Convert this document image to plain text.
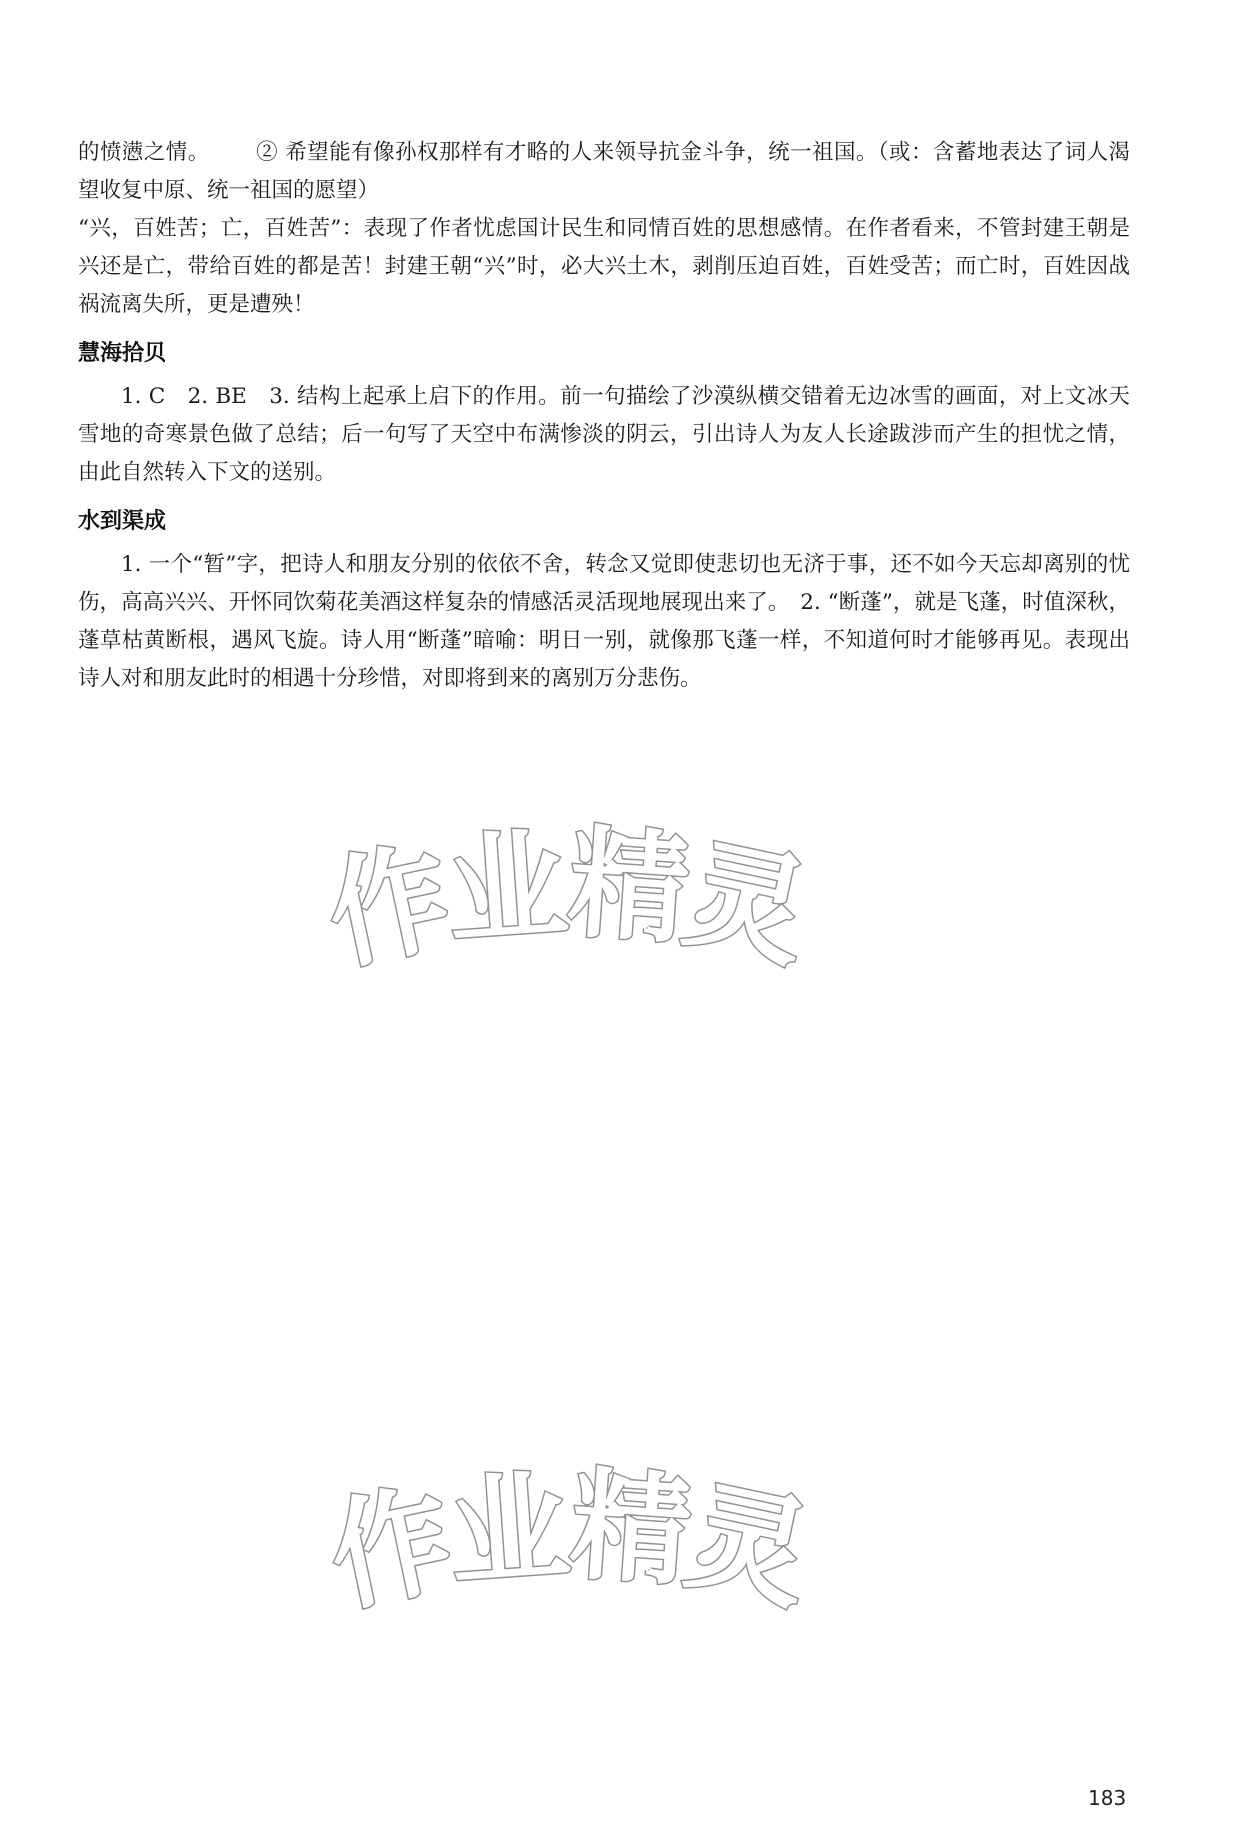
的愤懑之情。 ② 希望能有像孙权那样有才略的人来领导抗金斗争，统一祖国。（或：含蓄地表达了词人渴望收复中原、统一祖国的愿望）

“兴，百姓苦；亡，百姓苦”：表现了作者忧虑国计民生和同情百姓的思想感情。在作者看来，不管封建王朝是兴还是亡，带给百姓的都是苦！封建王朝“兴”时，必大兴土木，剥削压迫百姓，百姓受苦；而亡时，百姓因战祸流离失所，更是遭殃！

慧海拾贝

1. C　2. BE　3. 结构上起承上启下的作用。前一句描绘了沙漠纵横交错着无边冰雪的画面，对上文冰天雪地的奇寒景色做了总结；后一句写了天空中布满惨淡的阴云，引出诗人为友人长途跋涉而产生的担忧之情，由此自然转入下文的送别。

水到渠成

1. 一个“暂”字，把诗人和朋友分别的依依不舍，转念又觉即使悲切也无济于事，还不如今天忘却离别的忧伤，高高兴兴、开怀同饮菊花美酒这样复杂的情感活灵活现地展现出来了。　2. “断蓬”，就是飞蓬，时值深秋，蓬草枯黄断根，遇风飞旋。诗人用“断蓬”暗喻：明日一别，就像那飞蓬一样，不知道何时才能够再见。表现出诗人对和朋友此时的相遇十分珍惜，对即将到来的离别万分悲伤。

作
业
精
灵
作
业
精
灵
183
